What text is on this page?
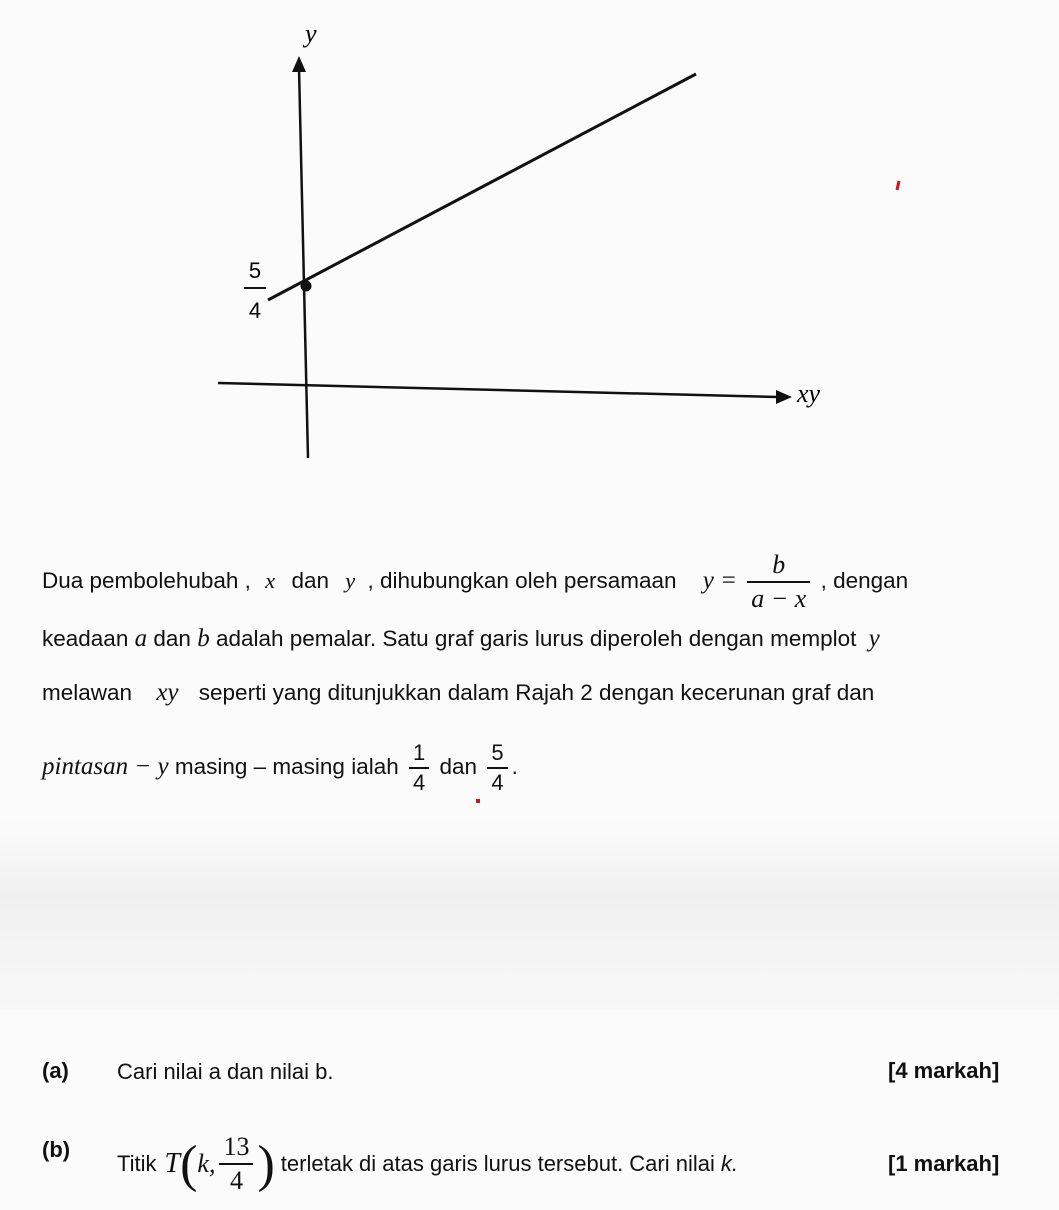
y
xy
5
4
Dua pembolehubah , x dan y , dihubungkan oleh persamaan $y = \frac{b}{a - x}$ , dengan
keadaan a dan b adalah pemalar. Satu graf garis lurus diperoleh dengan memplot y
melawan xy seperti yang ditunjukkan dalam Rajah 2 dengan kecerunan graf dan
pintasan − y masing – masing ialah $\frac{1}{4}$ dan $\frac{5}{4}$ .
(a) Cari nilai a dan nilai b.	[4 markah]
(b)
Titik T ( k, $\frac{13}{4}$ ) terletak di atas garis lurus tersebut. Cari nilai k.	[1 markah]
